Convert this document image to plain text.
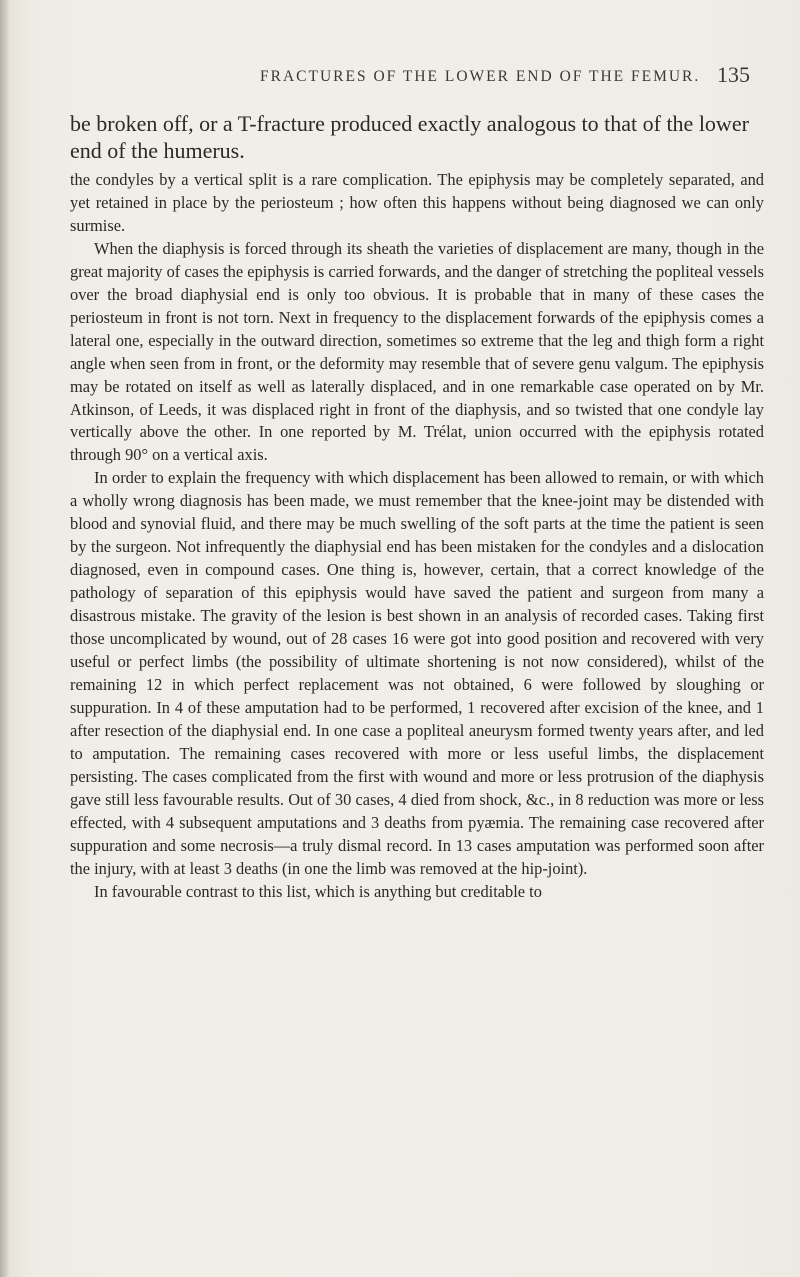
FRACTURES OF THE LOWER END OF THE FEMUR. 135

be broken off, or a T-fracture produced exactly analogous to that of the lower end of the humerus.

the condyles by a vertical split is a rare complication. The epiphysis may be completely separated, and yet retained in place by the periosteum ; how often this happens without being diagnosed we can only surmise.

When the diaphysis is forced through its sheath the varieties of displacement are many, though in the great majority of cases the epiphysis is carried forwards, and the danger of stretching the popliteal vessels over the broad diaphysial end is only too obvious. It is probable that in many of these cases the periosteum in front is not torn. Next in frequency to the displacement forwards of the epiphysis comes a lateral one, especially in the outward direction, sometimes so extreme that the leg and thigh form a right angle when seen from in front, or the deformity may resemble that of severe genu valgum. The epiphysis may be rotated on itself as well as laterally displaced, and in one remarkable case operated on by Mr. Atkinson, of Leeds, it was displaced right in front of the diaphysis, and so twisted that one condyle lay vertically above the other. In one reported by M. Trélat, union occurred with the epiphysis rotated through 90° on a vertical axis.

In order to explain the frequency with which displacement has been allowed to remain, or with which a wholly wrong diagnosis has been made, we must remember that the knee-joint may be distended with blood and synovial fluid, and there may be much swelling of the soft parts at the time the patient is seen by the surgeon. Not infrequently the diaphysial end has been mistaken for the condyles and a dislocation diagnosed, even in compound cases. One thing is, however, certain, that a correct knowledge of the pathology of separation of this epiphysis would have saved the patient and surgeon from many a disastrous mistake. The gravity of the lesion is best shown in an analysis of recorded cases. Taking first those uncomplicated by wound, out of 28 cases 16 were got into good position and recovered with very useful or perfect limbs (the possibility of ultimate shortening is not now considered), whilst of the remaining 12 in which perfect replacement was not obtained, 6 were followed by sloughing or suppuration. In 4 of these amputation had to be performed, 1 recovered after excision of the knee, and 1 after resection of the diaphysial end. In one case a popliteal aneurysm formed twenty years after, and led to amputation. The remaining cases recovered with more or less useful limbs, the displacement persisting. The cases complicated from the first with wound and more or less protrusion of the diaphysis gave still less favourable results. Out of 30 cases, 4 died from shock, &c., in 8 reduction was more or less effected, with 4 subsequent amputations and 3 deaths from pyæmia. The remaining case recovered after suppuration and some necrosis—a truly dismal record. In 13 cases amputation was performed soon after the injury, with at least 3 deaths (in one the limb was removed at the hip-joint).

In favourable contrast to this list, which is anything but creditable to
